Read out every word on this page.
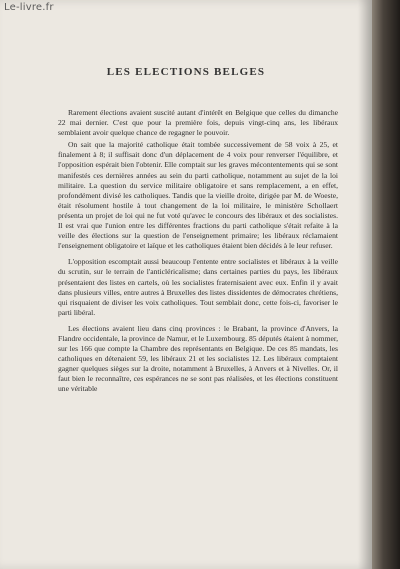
Le-livre.fr
LES ELECTIONS BELGES

Rarement élections avaient suscité autant d'intérêt en Belgique que celles du dimanche 22 mai dernier. C'est que pour la première fois, depuis vingt-cinq ans, les libéraux semblaient avoir quelque chance de regagner le pouvoir.

On sait que la majorité catholique était tombée successivement de 58 voix à 25, et finalement à 8; il suffisait donc d'un déplacement de 4 voix pour renverser l'équilibre, et l'opposition espérait bien l'obtenir. Elle comptait sur les graves mécontentements qui se sont manifestés ces dernières années au sein du parti catholique, notamment au sujet de la loi militaire. La question du service militaire obligatoire et sans remplacement, a en effet, profondément divisé les catholiques. Tandis que la vieille droite, dirigée par M. de Woeste, était résolument hostile à tout changement de la loi militaire, le ministère Schollaert présenta un projet de loi qui ne fut voté qu'avec le concours des libéraux et des socialistes. Il est vrai que l'union entre les différentes fractions du parti catholique s'était refaite à la veille des élections sur la question de l'enseignement primaire; les libéraux réclamaient l'enseignement obligatoire et laïque et les catholiques étaient bien décidés à le leur refuser.

L'opposition escomptait aussi beaucoup l'entente entre socialistes et libéraux à la veille du scrutin, sur le terrain de l'anticléricalisme; dans certaines parties du pays, les libéraux présentaient des listes en cartels, où les socialistes fraternisaient avec eux. Enfin il y avait dans plusieurs villes, entre autres à Bruxelles des listes dissidentes de démocrates chrétiens, qui risquaient de diviser les voix catholiques. Tout semblait donc, cette fois-ci, favoriser le parti libéral.

Les élections avaient lieu dans cinq provinces : le Brabant, la province d'Anvers, la Flandre occidentale, la province de Namur, et le Luxembourg. 85 députés étaient à nommer, sur les 166 que compte la Chambre des représentants en Belgique. De ces 85 mandats, les catholiques en détenaient 59, les libéraux 21 et les socialistes 12. Les libéraux comptaient gagner quelques sièges sur la droite, notamment à Bruxelles, à Anvers et à Nivelles. Or, il faut bien le reconnaître, ces espérances ne se sont pas réalisées, et les élections constituent une véritable
